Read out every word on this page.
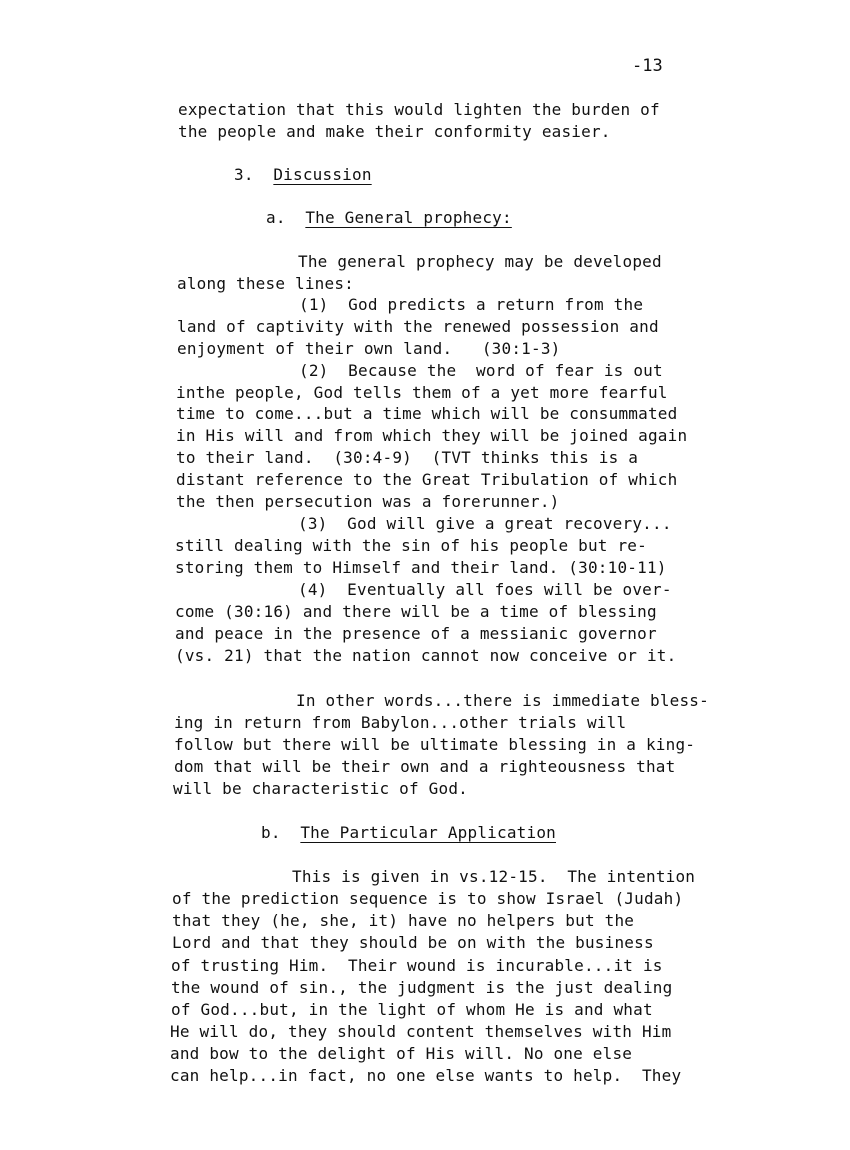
-13
expectation that this would lighten the burden of
the people and make their conformity easier.
3. Discussion
a. The General prophecy:
The general prophecy may be developed
along these lines:
(1)  God predicts a return from the
land of captivity with the renewed possession and
enjoyment of their own land.   (30:1-3)
(2)  Because the  word of fear is out
inthe people, God tells them of a yet more fearful
time to come...but a time which will be consummated
in His will and from which they will be joined again
to their land.  (30:4-9)  (TVT thinks this is a
distant reference to the Great Tribulation of which
the then persecution was a forerunner.)
(3)  God will give a great recovery...
still dealing with the sin of his people but re-
storing them to Himself and their land. (30:10-11)
(4)  Eventually all foes will be over-
come (30:16) and there will be a time of blessing
and peace in the presence of a messianic governor
(vs. 21) that the nation cannot now conceive or it.
In other words...there is immediate bless-
ing in return from Babylon...other trials will
follow but there will be ultimate blessing in a king-
dom that will be their own and a righteousness that
will be characteristic of God.
b. The Particular Application
This is given in vs.12-15.  The intention
of the prediction sequence is to show Israel (Judah)
that they (he, she, it) have no helpers but the
Lord and that they should be on with the business
of trusting Him.  Their wound is incurable...it is
the wound of sin., the judgment is the just dealing
of God...but, in the light of whom He is and what
He will do, they should content themselves with Him
and bow to the delight of His will. No one else
can help...in fact, no one else wants to help.  They
